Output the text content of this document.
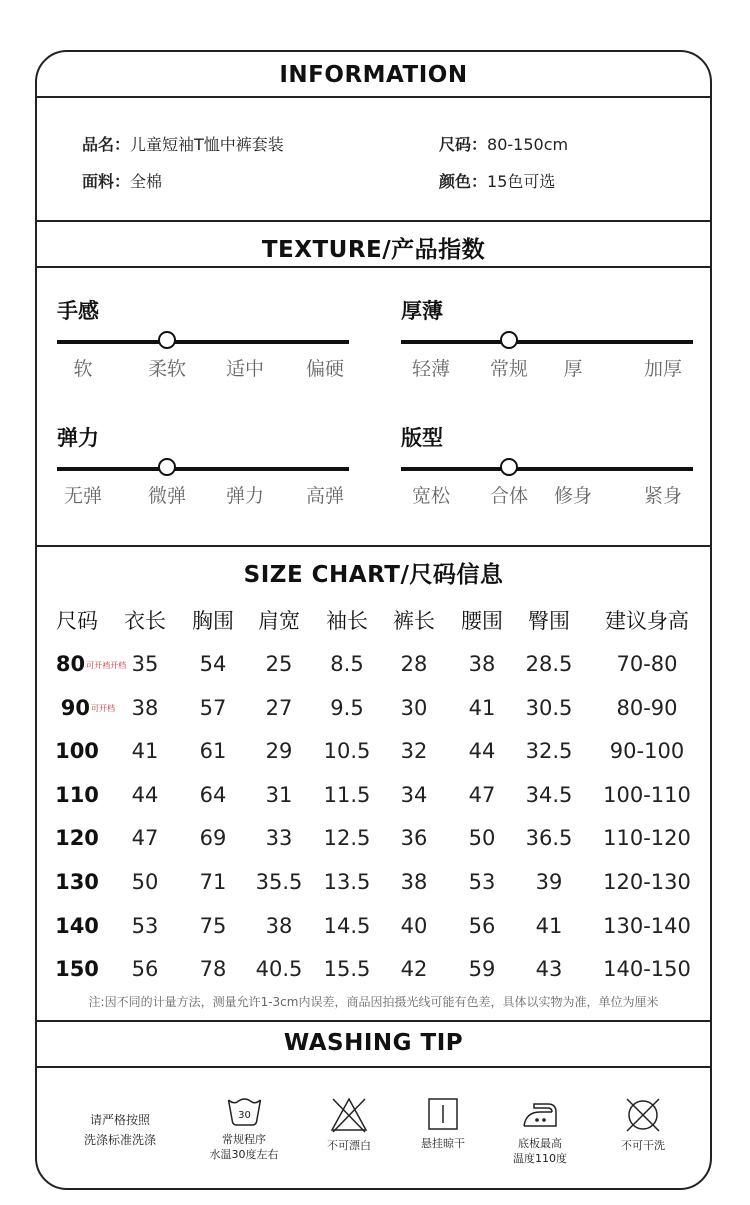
INFORMATION
品名：儿童短袖T恤中裤套装	尺码：80-150cm
面料：全棉	颜色：15色可选
TEXTURE/产品指数
手感
软	柔软 适中 偏硬
厚薄
轻薄 常规 厚	加厚
弹力
无弹 微弹 弹力 高弹
版型
宽松 合体 修身	紧身
SIZE CHART/尺码信息
尺码 衣长 胸围 肩宽 袖长 裤长 腰围 臀围 建议身高
80可开裆开档 35 54 25 8.5 28 38 28.5 70-80
90可开档 38 57 27 9.5 30 41 30.5 80-90
100 41 61 29 10.5 32 44 32.5 90-100
110 44 64 31 11.5 34 47 34.5 100-110
120 47 69 33 12.5 36 50 36.5 110-120
130 50 71 35.5 13.5 38 53 39 120-130
140 53 75 38 14.5 40 56 41 130-140
150 56 78 40.5 15.5 42 59 43 140-150
注:因不同的计量方法，测量允许1-3cm内误差，商品因拍摄光线可能有色差，具体以实物为准，单位为厘米
WASHING TIP
请严格按照
洗涤标准洗涤
30
常规程序
水温30度左右
不可漂白	悬挂晾干	底板最高
温度110度
不可干洗
